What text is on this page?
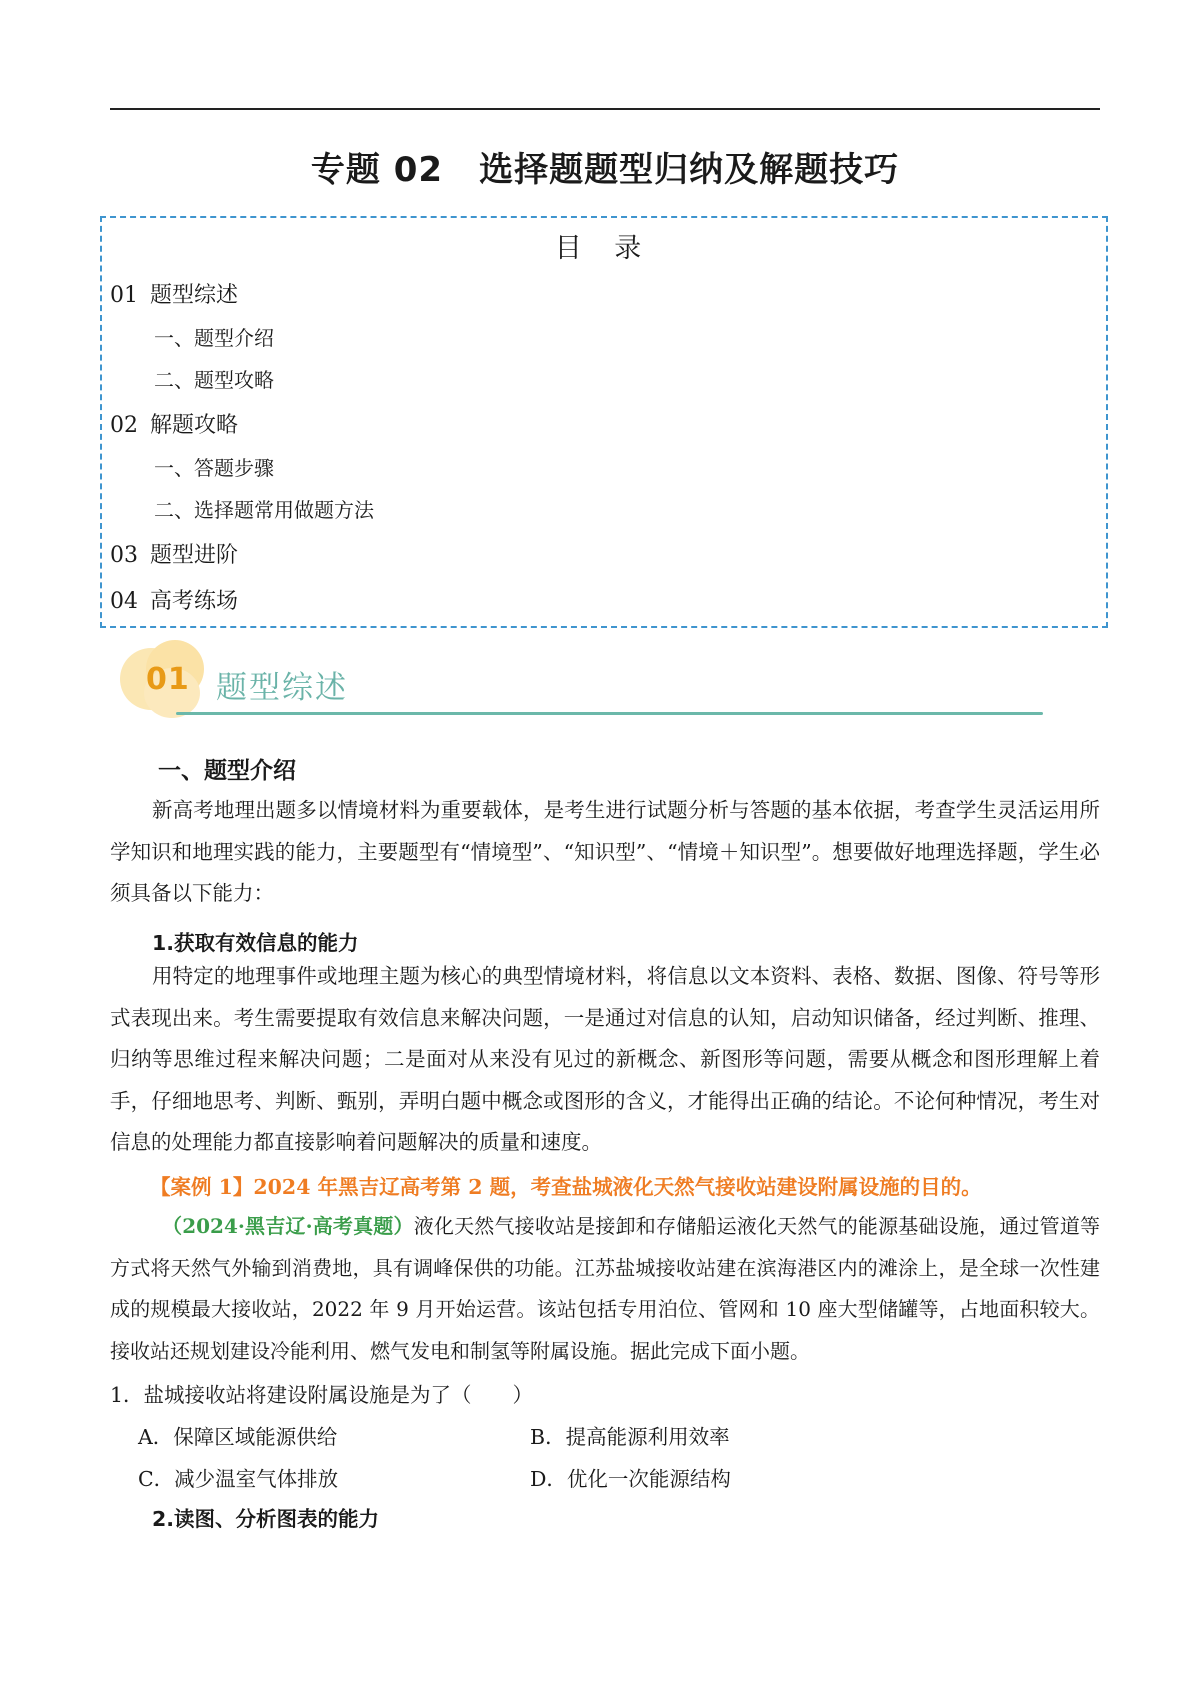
专题 02 选择题题型归纳及解题技巧
目 录
01 题型综述
一、题型介绍
二、题型攻略
02 解题攻略
一、答题步骤
二、选择题常用做题方法
03 题型进阶
04 高考练场
01 题型综述
一、题型介绍

新高考地理出题多以情境材料为重要载体，是考生进行试题分析与答题的基本依据，考查学生灵活运用所学知识和地理实践的能力，主要题型有“情境型”、“知识型”、“情境＋知识型”。想要做好地理选择题，学生必须具备以下能力：

1.获取有效信息的能力

用特定的地理事件或地理主题为核心的典型情境材料，将信息以文本资料、表格、数据、图像、符号等形式表现出来。考生需要提取有效信息来解决问题，一是通过对信息的认知，启动知识储备，经过判断、推理、归纳等思维过程来解决问题；二是面对从来没有见过的新概念、新图形等问题，需要从概念和图形理解上着手，仔细地思考、判断、甄别，弄明白题中概念或图形的含义，才能得出正确的结论。不论何种情况，考生对信息的处理能力都直接影响着问题解决的质量和速度。

【案例 1】2024 年黑吉辽高考第 2 题，考查盐城液化天然气接收站建设附属设施的目的。
（2024·黑吉辽·高考真题）液化天然气接收站是接卸和存储船运液化天然气的能源基础设施，通过管道等方式将天然气外输到消费地，具有调峰保供的功能。江苏盐城接收站建在滨海港区内的滩涂上，是全球一次性建成的规模最大接收站，2022 年 9 月开始运营。该站包括专用泊位、管网和 10 座大型储罐等，占地面积较大。接收站还规划建设冷能利用、燃气发电和制氢等附属设施。据此完成下面小题。
1．盐城接收站将建设附属设施是为了（　　）
A．保障区域能源供给	B．提高能源利用效率
C．减少温室气体排放	D．优化一次能源结构
2.读图、分析图表的能力
